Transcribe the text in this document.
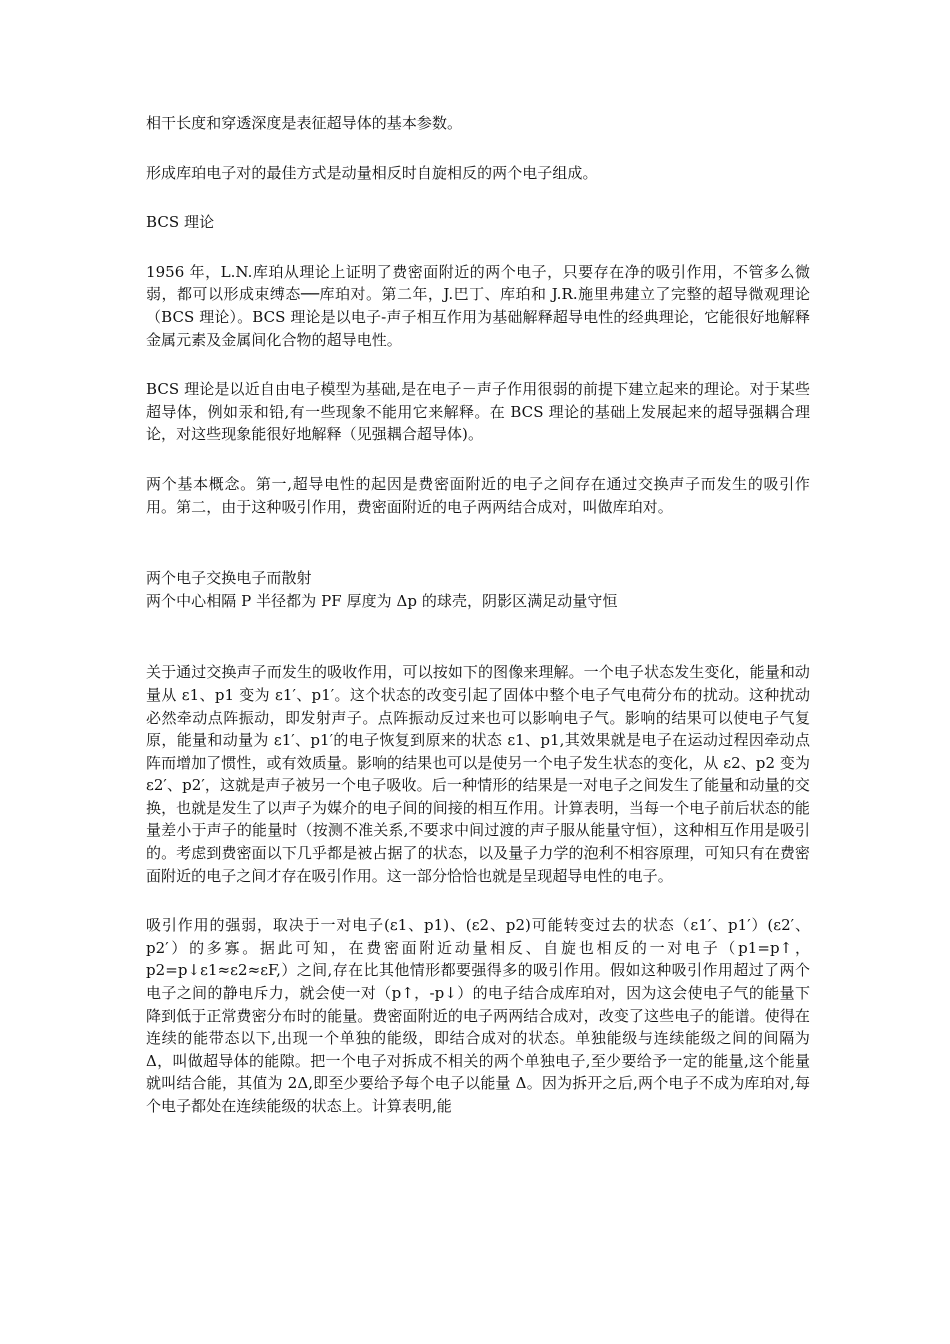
相干长度和穿透深度是表征超导体的基本参数。

形成库珀电子对的最佳方式是动量相反时自旋相反的两个电子组成。

BCS 理论

1956 年，L.N.库珀从理论上证明了费密面附近的两个电子，只要存在净的吸引作用，不管多么微弱，都可以形成束缚态──库珀对。第二年，J.巴丁、库珀和 J.R.施里弗建立了完整的超导微观理论（BCS 理论）。BCS 理论是以电子-声子相互作用为基础解释超导电性的经典理论，它能很好地解释金属元素及金属间化合物的超导电性。

BCS 理论是以近自由电子模型为基础,是在电子－声子作用很弱的前提下建立起来的理论。对于某些超导体，例如汞和铅,有一些现象不能用它来解释。在 BCS 理论的基础上发展起来的超导强耦合理论，对这些现象能很好地解释（见强耦合超导体)。

两个基本概念。第一,超导电性的起因是费密面附近的电子之间存在通过交换声子而发生的吸引作用。第二，由于这种吸引作用，费密面附近的电子两两结合成对，叫做库珀对。

两个电子交换电子而散射

两个中心相隔 P 半径都为 PF 厚度为 Δp 的球壳，阴影区满足动量守恒

关于通过交换声子而发生的吸收作用，可以按如下的图像来理解。一个电子状态发生变化，能量和动量从 ε1、p1 变为 ε1′、p1′。这个状态的改变引起了固体中整个电子气电荷分布的扰动。这种扰动必然牵动点阵振动，即发射声子。点阵振动反过来也可以影响电子气。影响的结果可以使电子气复原，能量和动量为 ε1′、p1′的电子恢复到原来的状态 ε1、p1,其效果就是电子在运动过程因牵动点阵而增加了惯性，或有效质量。影响的结果也可以是使另一个电子发生状态的变化，从 ε2、p2 变为 ε2′、p2′，这就是声子被另一个电子吸收。后一种情形的结果是一对电子之间发生了能量和动量的交换，也就是发生了以声子为媒介的电子间的间接的相互作用。计算表明，当每一个电子前后状态的能量差小于声子的能量时（按测不准关系,不要求中间过渡的声子服从能量守恒），这种相互作用是吸引的。考虑到费密面以下几乎都是被占据了的状态，以及量子力学的泡利不相容原理，可知只有在费密面附近的电子之间才存在吸引作用。这一部分恰恰也就是呈现超导电性的电子。

吸引作用的强弱，取决于一对电子(ε1、p1)、(ε2、p2)可能转变过去的状态（ε1′、p1′）(ε2′、p2′）的多寡。据此可知，在费密面附近动量相反、自旋也相反的一对电子（p1=p↑，p2=p↓ε1≈ε2≈εF,）之间,存在比其他情形都要强得多的吸引作用。假如这种吸引作用超过了两个电子之间的静电斥力，就会使一对（p↑，-p↓）的电子结合成库珀对，因为这会使电子气的能量下降到低于正常费密分布时的能量。费密面附近的电子两两结合成对，改变了这些电子的能谱。使得在连续的能带态以下,出现一个单独的能级，即结合成对的状态。单独能级与连续能级之间的间隔为 Δ，叫做超导体的能隙。把一个电子对拆成不相关的两个单独电子,至少要给予一定的能量,这个能量就叫结合能，其值为 2Δ,即至少要给予每个电子以能量 Δ。因为拆开之后,两个电子不成为库珀对,每个电子都处在连续能级的状态上。计算表明,能
